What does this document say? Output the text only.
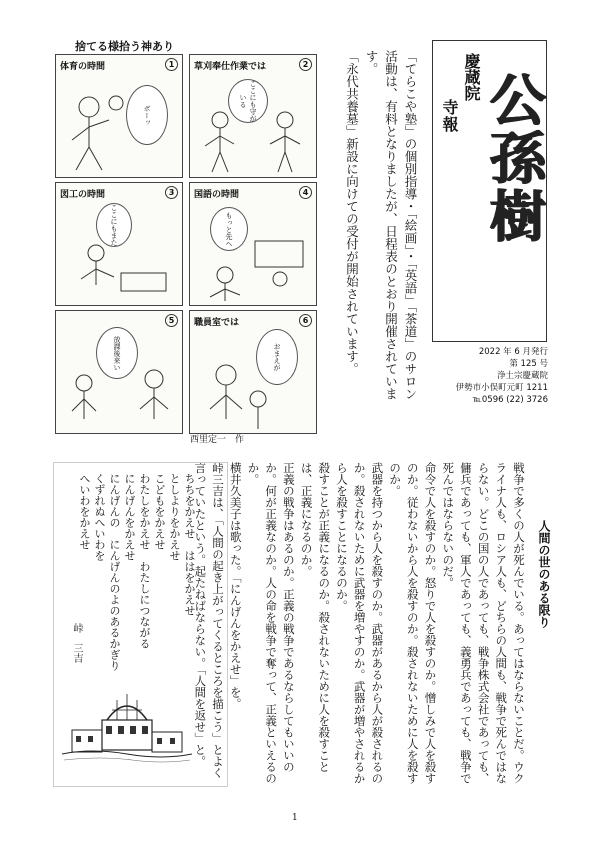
捨てる様拾う神あり
体育の時間	1
ボーッ
草刈奉仕作業では	2
ここにも守がいる
図工の時間	3
ここにもまた
国語の時間	4
もっと先へ
5
放課後来い
職員室では	6
おまえが
西里定一　作
「てらこや塾」の個別指導・「絵画」・「英語」「茶道」のサロン活動は、有料となりましたが、日程表のとおり開催されています。
「永代共養墓」新設に向けての受付が開始されています。	慶蔵院
寺報 公孫樹
2022 年 6 月発行
第 125 号
浄土宗慶蔵院
伊勢市小俣町元町 1211
℡0596 (22) 3726
人間の世のある限り
戦争で多くの人が死んでいる。あってはならないことだ。ウクライナ人も、ロシア人も、どちらの人間も、戦争で死んではならない。どこの国の人であっても、戦争株式会社であっても、傭兵であっても、軍人であっても、義勇兵であっても、戦争で死んではならないのだ。
命令で人を殺すのか。怒りで人を殺すのか。憎しみで人を殺すのか。従わないから人を殺すのか。殺されないために人を殺すのか。
武器を持つから人を殺すのか。武器があるから人が殺されるのか。殺されないために武器を増やすのか。武器が増やされるから人を殺すことになるのか。
殺すことが正義になるのか。殺されないために人を殺すことは、正義になるのか。
正義の戦争はあるのか。正義の戦争であるならしてもいいのか。何が正義なのか。人の命を戦争で奪って、正義といえるのか。
横井久美子は歌った。「にんげんをかえせ」を。
峠三吉は、「人間の起き上がってくるところを描こう」とよく言っていたという。起たねばならない。「人間を返せ」と。
ちちをかえせ　ははをかえせ
としよりをかえせ
こどもをかえせ
わたしをかえせ　わたしにつながる
にんげんをかえせ
にんげんの　にんげんのよのあるかぎり
くずれぬへいわを
へいわをかえせ
峠　三吉
1
